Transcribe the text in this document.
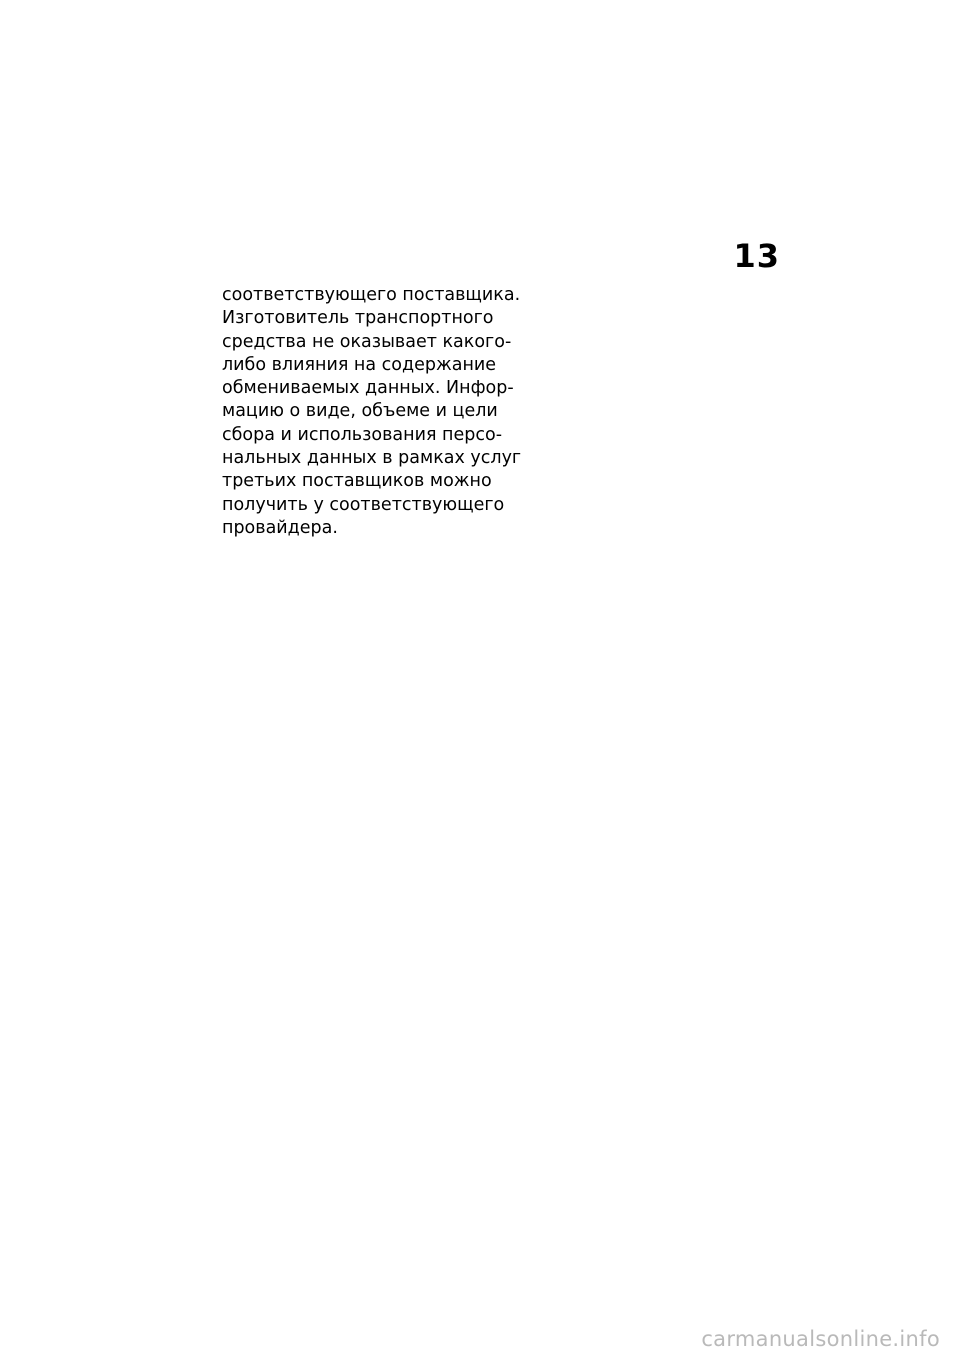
13

соответствующего поставщика.
Изготовитель транспортного
средства не оказывает какого-
либо влияния на содержание
обмениваемых данных. Инфор-
мацию о виде, объеме и цели
сбора и использования персо-
нальных данных в рамках услуг
третьих поставщиков можно
получить у соответствующего
провайдера.

carmanualsonline.info
